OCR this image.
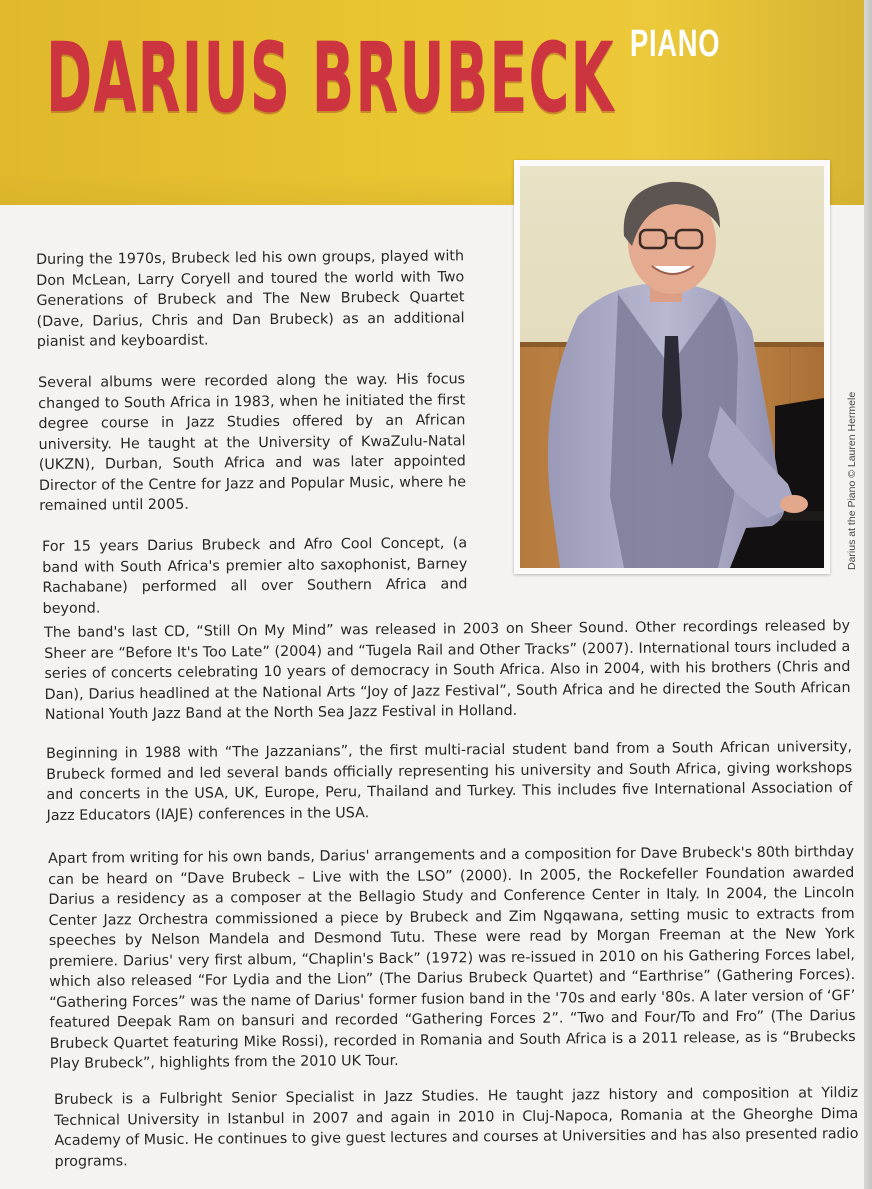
DARIUS BRUBECK PIANO
Darius at the Piano © Lauren Hermele

During the 1970s, Brubeck led his own groups, played with Don McLean, Larry Coryell and toured the world with Two Generations of Brubeck and The New Brubeck Quartet (Dave, Darius, Chris and Dan Brubeck) as an additional pianist and keyboardist.

Several albums were recorded along the way. His focus changed to South Africa in 1983, when he initiated the first degree course in Jazz Studies offered by an African university. He taught at the University of KwaZulu-Natal (UKZN), Durban, South Africa and was later appointed Director of the Centre for Jazz and Popular Music, where he remained until 2005.

For 15 years Darius Brubeck and Afro Cool Concept, (a band with South Africa's premier alto saxophonist, Barney Rachabane) performed all over Southern Africa and beyond.

The band's last CD, “Still On My Mind” was released in 2003 on Sheer Sound. Other recordings released by Sheer are “Before It's Too Late” (2004) and “Tugela Rail and Other Tracks” (2007). International tours included a series of concerts celebrating 10 years of democracy in South Africa. Also in 2004, with his brothers (Chris and Dan), Darius headlined at the National Arts “Joy of Jazz Festival”, South Africa and he directed the South African National Youth Jazz Band at the North Sea Jazz Festival in Holland.

Beginning in 1988 with “The Jazzanians”, the first multi-racial student band from a South African university, Brubeck formed and led several bands officially representing his university and South Africa, giving workshops and concerts in the USA, UK, Europe, Peru, Thailand and Turkey. This includes five International Association of Jazz Educators (IAJE) conferences in the USA.

Apart from writing for his own bands, Darius' arrangements and a composition for Dave Brubeck's 80th birthday can be heard on “Dave Brubeck – Live with the LSO” (2000). In 2005, the Rockefeller Foundation awarded Darius a residency as a composer at the Bellagio Study and Conference Center in Italy. In 2004, the Lincoln Center Jazz Orchestra commissioned a piece by Brubeck and Zim Ngqawana, setting music to extracts from speeches by Nelson Mandela and Desmond Tutu. These were read by Morgan Freeman at the New York premiere. Darius' very first album, “Chaplin's Back” (1972) was re-issued in 2010 on his Gathering Forces label, which also released “For Lydia and the Lion” (The Darius Brubeck Quartet) and “Earthrise” (Gathering Forces). “Gathering Forces” was the name of Darius' former fusion band in the '70s and early '80s. A later version of ‘GF’ featured Deepak Ram on bansuri and recorded “Gathering Forces 2”. “Two and Four/To and Fro” (The Darius Brubeck Quartet featuring Mike Rossi), recorded in Romania and South Africa is a 2011 release, as is “Brubecks Play Brubeck”, highlights from the 2010 UK Tour.

Brubeck is a Fulbright Senior Specialist in Jazz Studies. He taught jazz history and composition at Yildiz Technical University in Istanbul in 2007 and again in 2010 in Cluj-Napoca, Romania at the Gheorghe Dima Academy of Music. He continues to give guest lectures and courses at Universities and has also presented radio programs.
